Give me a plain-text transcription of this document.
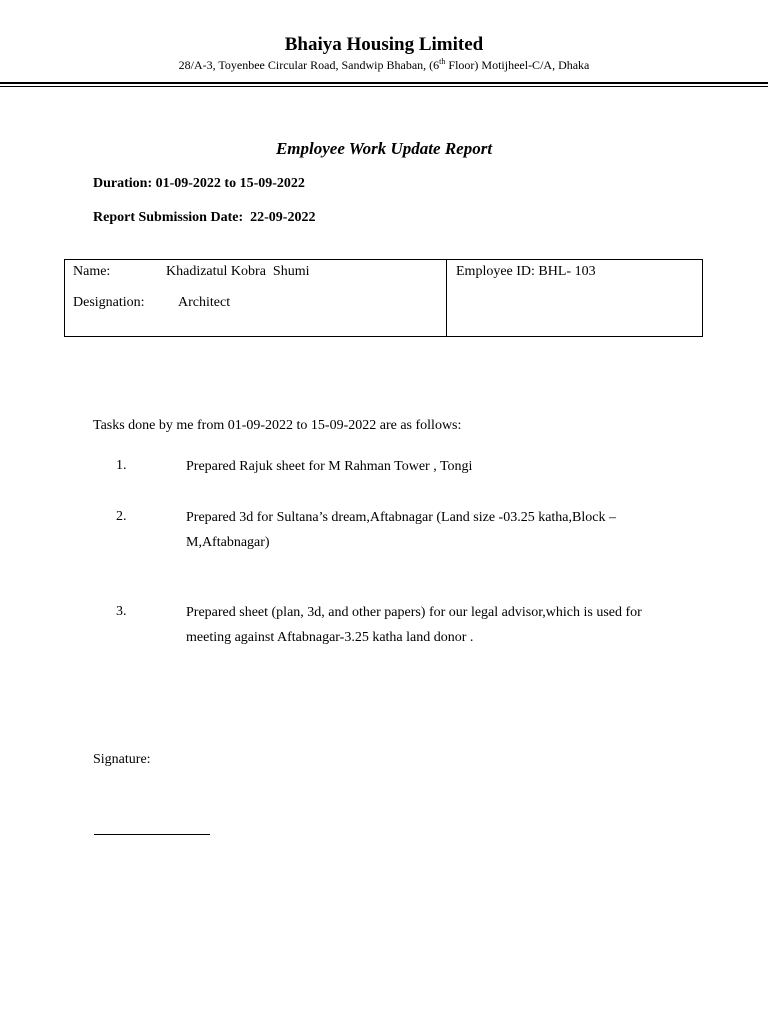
Bhaiya Housing Limited
28/A-3, Toyenbee Circular Road, Sandwip Bhaban, (6th Floor) Motijheel-C/A, Dhaka
Employee Work Update Report
Duration: 01-09-2022 to 15-09-2022
Report Submission Date:  22-09-2022
Name:	Khadizatul Kobra  Shumi
Designation: Architect
Employee ID: BHL- 103
Tasks done by me from 01-09-2022 to 15-09-2022 are as follows:
1.	Prepared Rajuk sheet for M Rahman Tower , Tongi
2.	Prepared 3d for Sultana’s dream,Aftabnagar (Land size -03.25 katha,Block – M,Aftabnagar)
3.	Prepared sheet (plan, 3d, and other papers) for our legal advisor,which is used for meeting against Aftabnagar-3.25 katha land donor .
Signature:
